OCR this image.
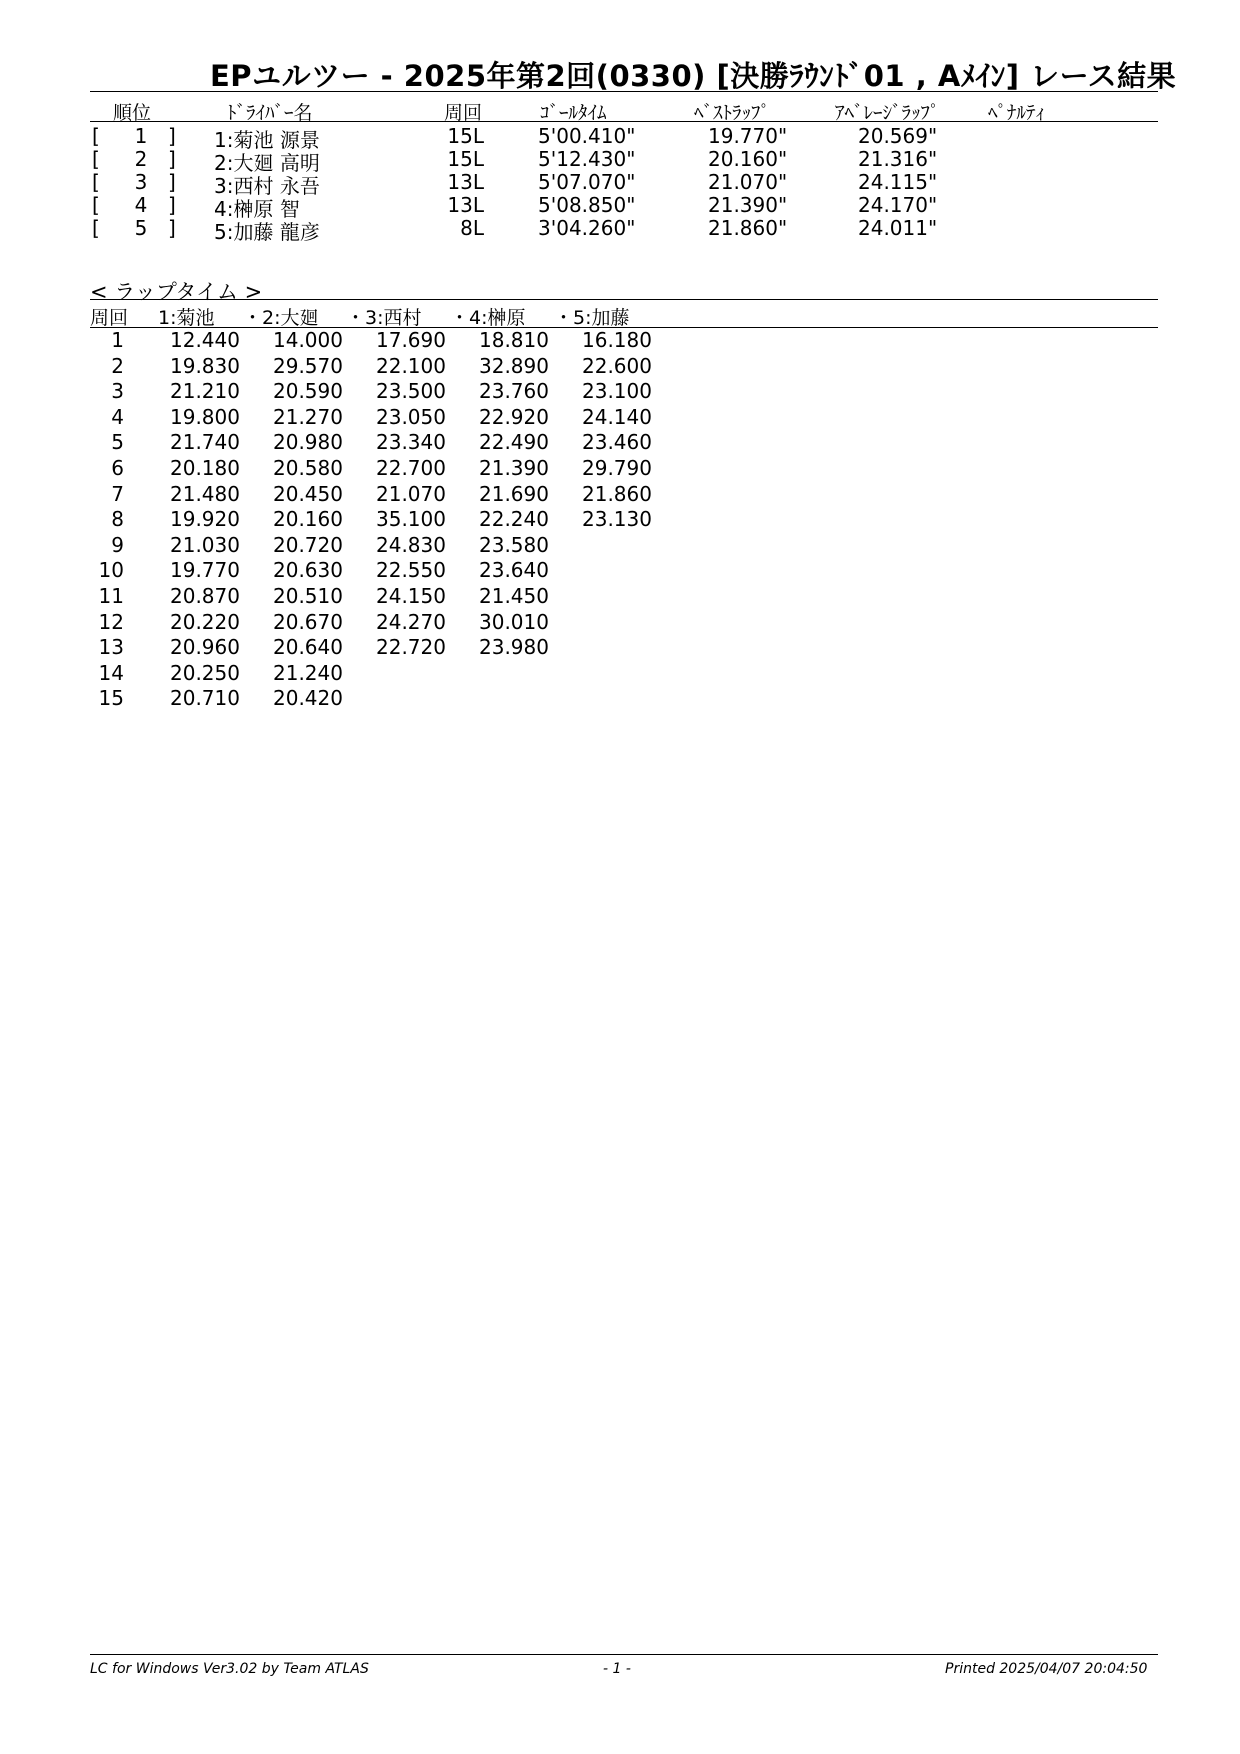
EPユルツー - 2025年第2回(0330) [決勝ﾗｳﾝﾄﾞ01 , Aﾒｲﾝ] レース結果
順位	ﾄﾞﾗｲﾊﾞｰ名	周回	ｺﾞｰﾙﾀｲﾑ	ﾍﾞｽﾄﾗｯﾌﾟ	ｱﾍﾞﾚｰｼﾞﾗｯﾌﾟ	ﾍﾟﾅﾙﾃｨ
[ 1 ] 1:菊池 源景	15L	5'00.410"	19.770"	20.569"
[ 2 ] 2:大廻 高明	15L	5'12.430"	20.160"	21.316"
[ 3 ] 3:西村 永吾	13L	5'07.070"	21.070"	24.115"
[ 4 ] 4:榊原 智	13L	5'08.850"	21.390"	24.170"
[ 5 ] 5:加藤 龍彦	8L	3'04.260"	21.860"	24.011"
< ラップタイム >
周回 1:菊池 ・2:大廻 ・3:西村 ・4:榊原 ・5:加藤
1 12.440 14.000 17.690 18.810 16.180
2 19.830 29.570 22.100 32.890 22.600
3 21.210 20.590 23.500 23.760 23.100
4 19.800 21.270 23.050 22.920 24.140
5 21.740 20.980 23.340 22.490 23.460
6 20.180 20.580 22.700 21.390 29.790
7 21.480 20.450 21.070 21.690 21.860
8 19.920 20.160 35.100 22.240 23.130
9 21.030 20.720 24.830 23.580
10 19.770 20.630 22.550 23.640
11 20.870 20.510 24.150 21.450
12 20.220 20.670 24.270 30.010
13 20.960 20.640 22.720 23.980
14 20.250 21.240
15 20.710 20.420
LC for Windows Ver3.02 by Team ATLAS	- 1 -	Printed 2025/04/07 20:04:50
